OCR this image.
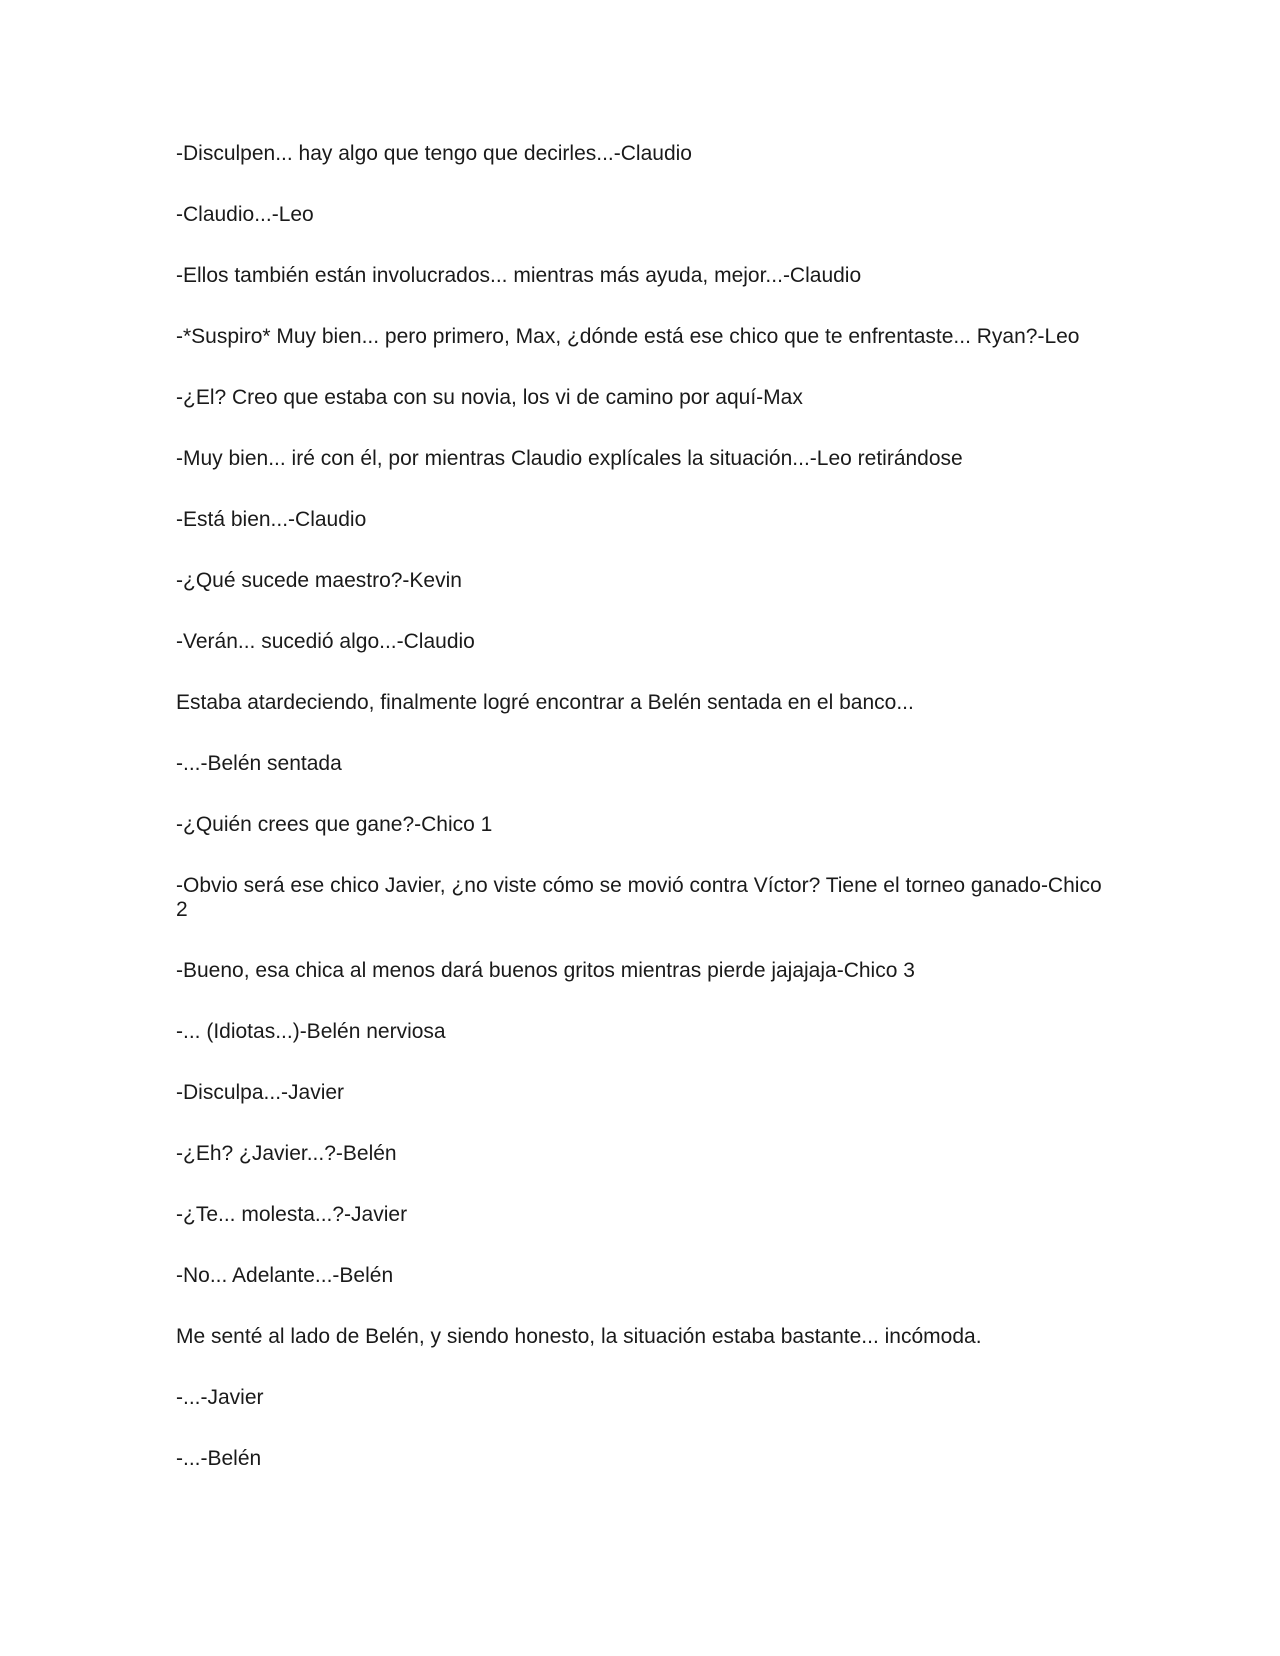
-Disculpen... hay algo que tengo que decirles...-Claudio

-Claudio...-Leo

-Ellos también están involucrados... mientras más ayuda, mejor...-Claudio

-*Suspiro* Muy bien... pero primero, Max, ¿dónde está ese chico que te enfrentaste... Ryan?-Leo

-¿El? Creo que estaba con su novia, los vi de camino por aquí-Max

-Muy bien... iré con él, por mientras Claudio explícales la situación...-Leo retirándose

-Está bien...-Claudio

-¿Qué sucede maestro?-Kevin

-Verán... sucedió algo...-Claudio

Estaba atardeciendo, finalmente logré encontrar a Belén sentada en el banco...

-...-Belén sentada

-¿Quién crees que gane?-Chico 1

-Obvio será ese chico Javier, ¿no viste cómo se movió contra Víctor? Tiene el torneo ganado-Chico 2

-Bueno, esa chica al menos dará buenos gritos mientras pierde jajajaja-Chico 3

-... (Idiotas...)-Belén nerviosa

-Disculpa...-Javier

-¿Eh? ¿Javier...?-Belén

-¿Te... molesta...?-Javier

-No... Adelante...-Belén

Me senté al lado de Belén, y siendo honesto, la situación estaba bastante... incómoda.

-...-Javier

-...-Belén
